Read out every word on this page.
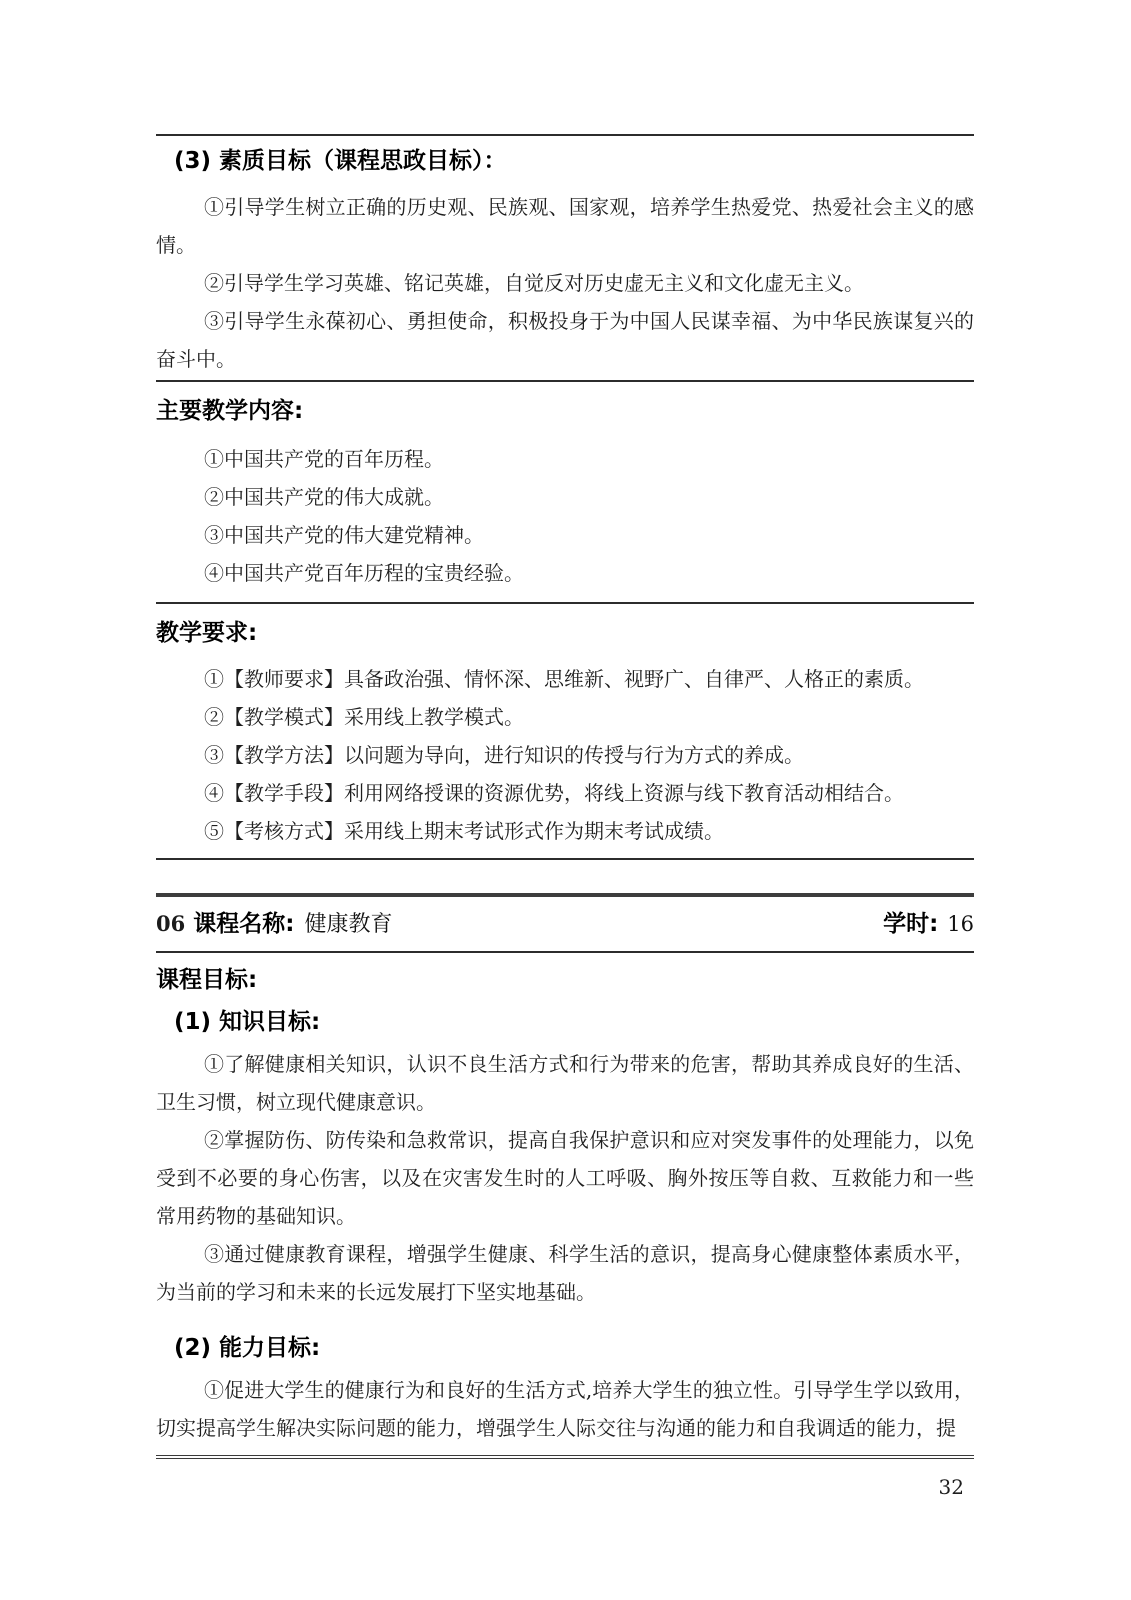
(3) 素质目标（课程思政目标）：

①引导学生树立正确的历史观、民族观、国家观，培养学生热爱党、热爱社会主义的感情。

②引导学生学习英雄、铭记英雄，自觉反对历史虚无主义和文化虚无主义。

③引导学生永葆初心、勇担使命，积极投身于为中国人民谋幸福、为中华民族谋复兴的奋斗中。

主要教学内容:
①中国共产党的百年历程。
②中国共产党的伟大成就。
③中国共产党的伟大建党精神。
④中国共产党百年历程的宝贵经验。
教学要求:
①【教师要求】具备政治强、情怀深、思维新、视野广、自律严、人格正的素质。
②【教学模式】采用线上教学模式。
③【教学方法】以问题为导向，进行知识的传授与行为方式的养成。
④【教学手段】利用网络授课的资源优势，将线上资源与线下教育活动相结合。
⑤【考核方式】采用线上期末考试形式作为期末考试成绩。
06 课程名称: 健康教育	学时: 16
课程目标:
(1) 知识目标:

①了解健康相关知识，认识不良生活方式和行为带来的危害，帮助其养成良好的生活、卫生习惯，树立现代健康意识。

②掌握防伤、防传染和急救常识，提高自我保护意识和应对突发事件的处理能力，以免受到不必要的身心伤害，以及在灾害发生时的人工呼吸、胸外按压等自救、互救能力和一些常用药物的基础知识。

③通过健康教育课程，增强学生健康、科学生活的意识，提高身心健康整体素质水平，为当前的学习和未来的长远发展打下坚实地基础。

(2) 能力目标:

①促进大学生的健康行为和良好的生活方式,培养大学生的独立性。引导学生学以致用，切实提高学生解决实际问题的能力，增强学生人际交往与沟通的能力和自我调适的能力，提

32
